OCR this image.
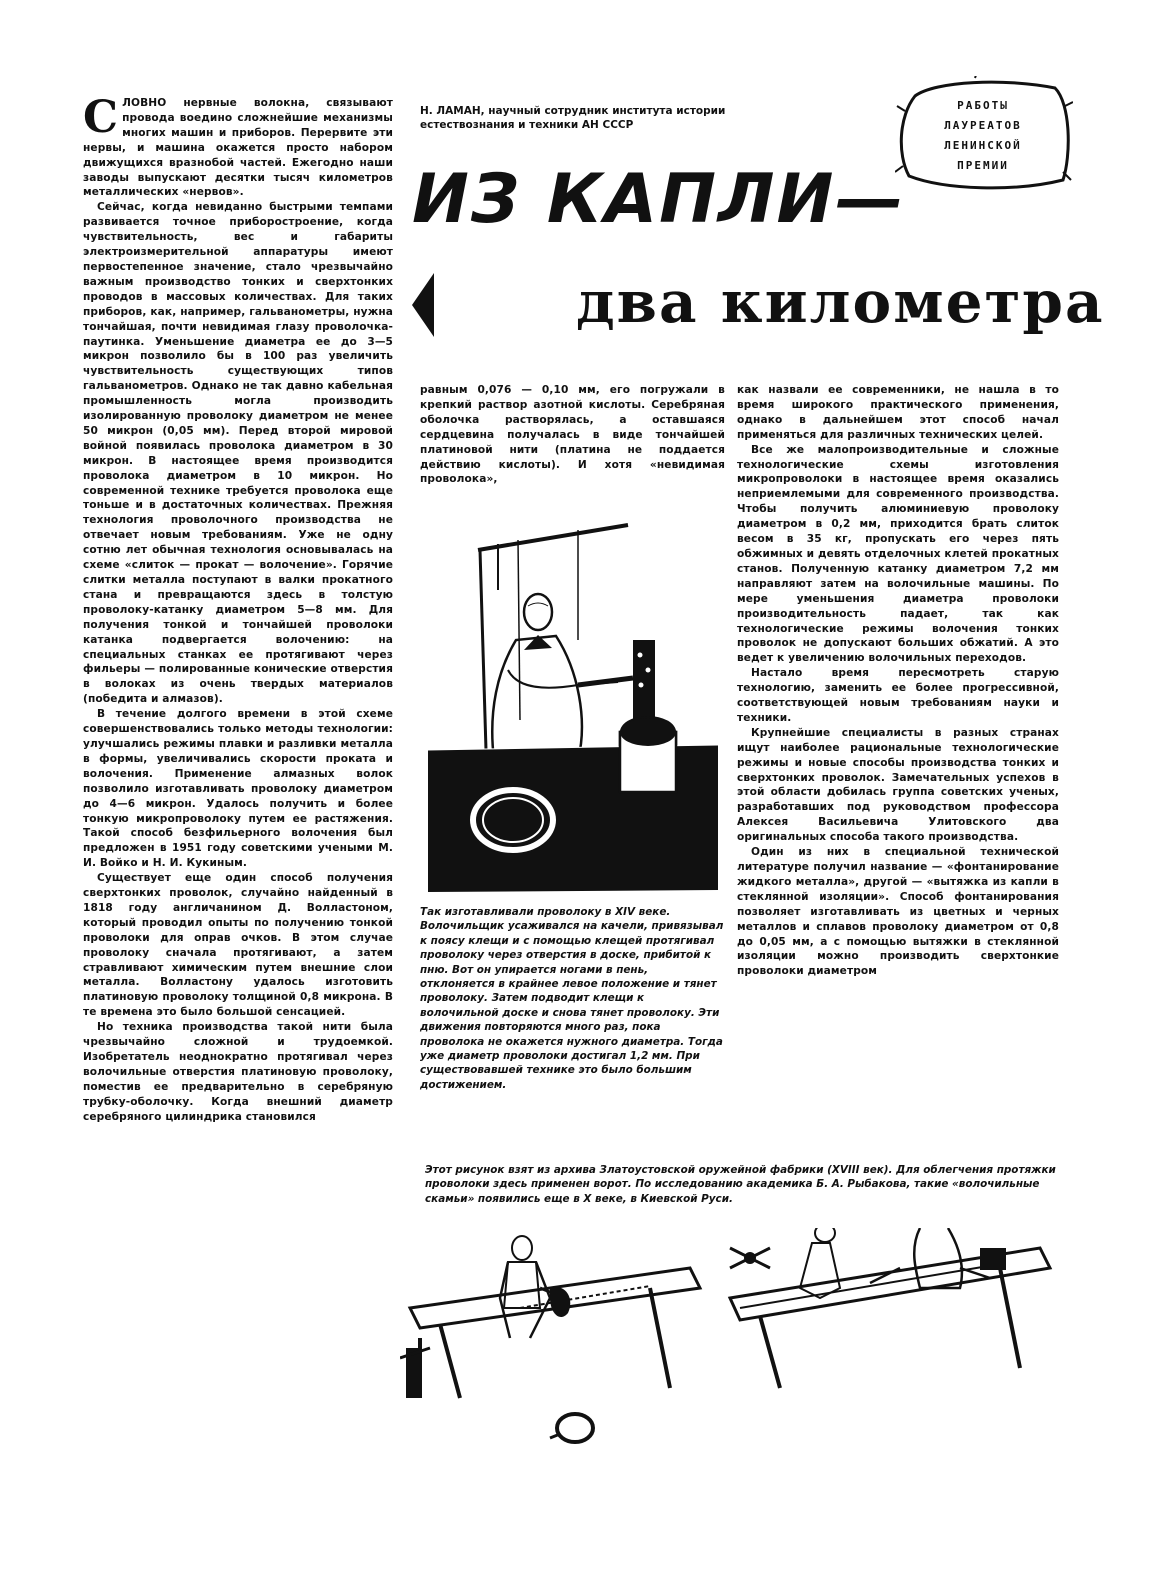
РАБОТЫ
ЛАУРЕАТОВ
ЛЕНИНСКОЙ
ПРЕМИИ
Н. ЛАМАН, научный сотрудник института истории естествознания и техники АН СССР
ИЗ КАПЛИ—
два километра

СЛОВНО нервные волокна, связывают провода воедино сложнейшие механизмы многих машин и приборов. Перервите эти нервы, и машина окажется просто набором движущихся вразнобой частей. Ежегодно наши заводы выпускают десятки тысяч километров металлических «нервов».

Сейчас, когда невиданно быстрыми темпами развивается точное приборостроение, когда чувствительность, вес и габариты электроизмерительной аппаратуры имеют первостепенное значение, стало чрезвычайно важным производство тонких и сверхтонких проводов в массовых количествах. Для таких приборов, как, например, гальванометры, нужна тончайшая, почти невидимая глазу проволочка-паутинка. Уменьшение диаметра ее до 3—5 микрон позволило бы в 100 раз увеличить чувствительность существующих типов гальванометров. Однако не так давно кабельная промышленность могла производить изолированную проволоку диаметром не менее 50 микрон (0,05 мм). Перед второй мировой войной появилась проволока диаметром в 30 микрон. В настоящее время производится проволока диаметром в 10 микрон. Но современной технике требуется проволока еще тоньше и в достаточных количествах. Прежняя технология проволочного производства не отвечает новым требованиям. Уже не одну сотню лет обычная технология основывалась на схеме «слиток — прокат — волочение». Горячие слитки металла поступают в валки прокатного стана и превращаются здесь в толстую проволоку-катанку диаметром 5—8 мм. Для получения тонкой и тончайшей проволоки катанка подвергается волочению: на специальных станках ее протягивают через фильеры — полированные конические отверстия в волоках из очень твердых материалов (победита и алмазов).

В течение долгого времени в этой схеме совершенствовались только методы технологии: улучшались режимы плавки и разливки металла в формы, увеличивались скорости проката и волочения. Применение алмазных волок позволило изготавливать проволоку диаметром до 4—6 микрон. Удалось получить и более тонкую микропроволоку путем ее растяжения. Такой способ безфильерного волочения был предложен в 1951 году советскими учеными М. И. Войко и Н. И. Кукиным.

Существует еще один способ получения сверхтонких проволок, случайно найденный в 1818 году англичанином Д. Волластоном, который проводил опыты по получению тонкой проволоки для оправ очков. В этом случае проволоку сначала протягивают, а затем стравливают химическим путем внешние слои металла. Волластону удалось изготовить платиновую проволоку толщиной 0,8 микрона. В те времена это было большой сенсацией.

Но техника производства такой нити была чрезвычайно сложной и трудоемкой. Изобретатель неоднократно протягивал через волочильные отверстия платиновую проволоку, поместив ее предварительно в серебряную трубку-оболочку. Когда внешний диаметр серебряного цилиндрика становился

равным 0,076 — 0,10 мм, его погружали в крепкий раствор азотной кислоты. Серебряная оболочка растворялась, а оставшаяся сердцевина получалась в виде тончайшей платиновой нити (платина не поддается действию кислоты). И хотя «невидимая проволока»,

как назвали ее современники, не нашла в то время широкого практического применения, однако в дальнейшем этот способ начал применяться для различных технических целей.

Все же малопроизводительные и сложные технологические схемы изготовления микропроволоки в настоящее время оказались неприемлемыми для современного производства. Чтобы получить алюминиевую проволоку диаметром в 0,2 мм, приходится брать слиток весом в 35 кг, пропускать его через пять обжимных и девять отделочных клетей прокатных станов. Полученную катанку диаметром 7,2 мм направляют затем на волочильные машины. По мере уменьшения диаметра проволоки производительность падает, так как технологические режимы волочения тонких проволок не допускают больших обжатий. А это ведет к увеличению волочильных переходов.

Настало время пересмотреть старую технологию, заменить ее более прогрессивной, соответствующей новым требованиям науки и техники.

Крупнейшие специалисты в разных странах ищут наиболее рациональные технологические режимы и новые способы производства тонких и сверхтонких проволок. Замечательных успехов в этой области добилась группа советских ученых, разработавших под руководством профессора Алексея Васильевича Улитовского два оригинальных способа такого производства.

Один из них в специальной технической литературе получил название — «фонтанирование жидкого металла», другой — «вытяжка из капли в стеклянной изоляции». Способ фонтанирования позволяет изготавливать из цветных и черных металлов и сплавов проволоку диаметром от 0,8 до 0,05 мм, а с помощью вытяжки в стеклянной изоляции можно производить сверхтонкие проволоки диаметром

Так изготавливали проволоку в XIV веке. Волочильщик усаживался на качели, привязывал к поясу клещи и с помощью клещей протягивал проволоку через отверстия в доске, прибитой к пню. Вот он упирается ногами в пень, отклоняется в крайнее левое положение и тянет проволоку. Затем подводит клещи к волочильной доске и снова тянет проволоку. Эти движения повторяются много раз, пока проволока не окажется нужного диаметра. Тогда уже диаметр проволоки достигал 1,2 мм. При существовавшей технике это было большим достижением.
Этот рисунок взят из архива Златоустовской оружейной фабрики (XVIII век). Для облегчения протяжки проволоки здесь применен ворот. По исследованию академика Б. А. Рыбакова, такие «волочильные скамьи» появились еще в X веке, в Киевской Руси.
